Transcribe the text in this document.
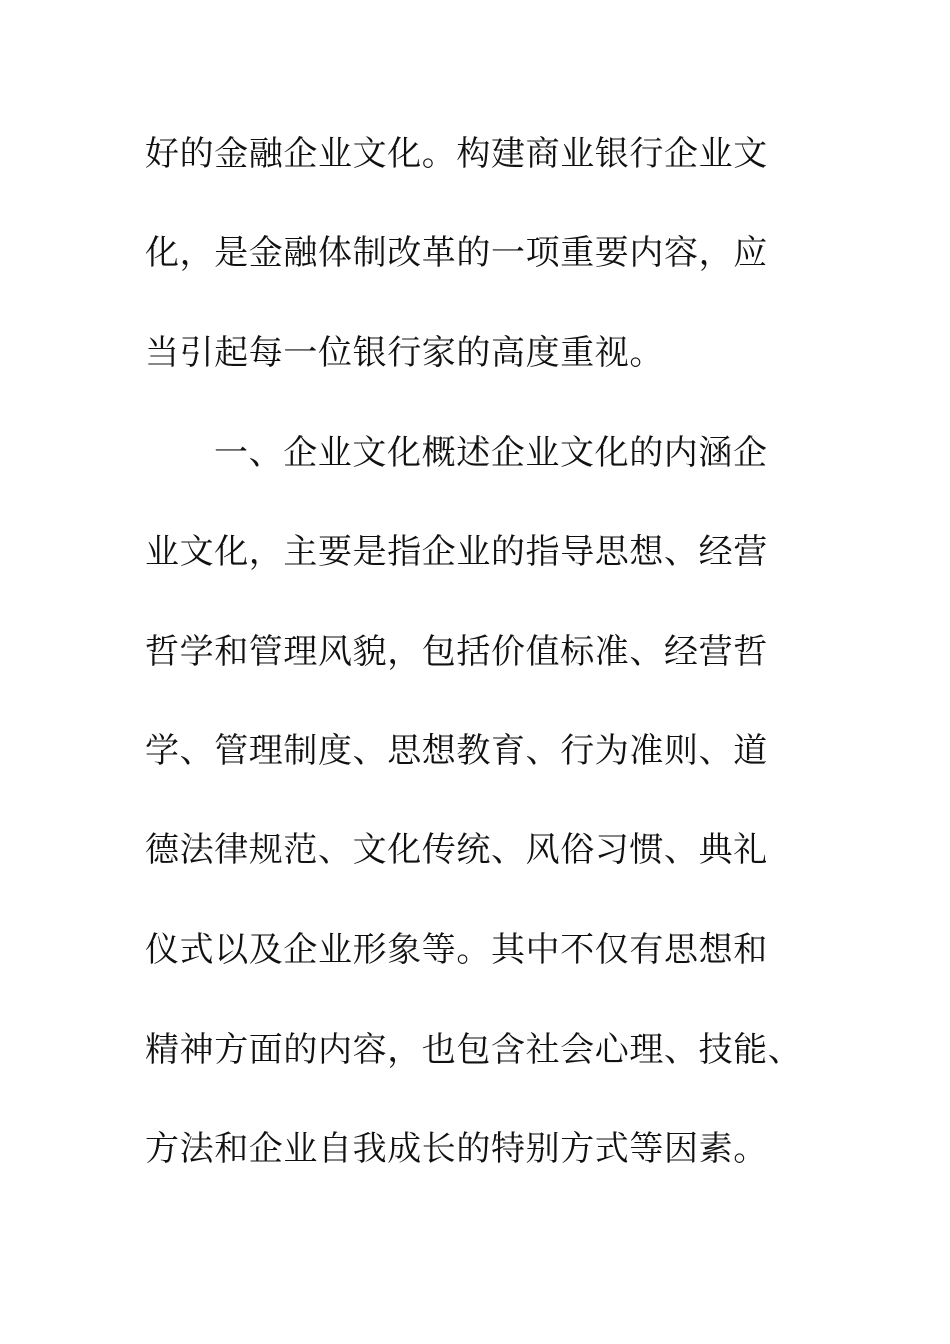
好的金融企业文化。构建商业银行企业文
化，是金融体制改革的一项重要内容，应
当引起每一位银行家的高度重视。
一、企业文化概述企业文化的内涵企
业文化，主要是指企业的指导思想、经营
哲学和管理风貌，包括价值标准、经营哲
学、管理制度、思想教育、行为准则、道
德法律规范、文化传统、风俗习惯、典礼
仪式以及企业形象等。其中不仅有思想和
精神方面的内容，也包含社会心理、技能、
方法和企业自我成长的特别方式等因素。
